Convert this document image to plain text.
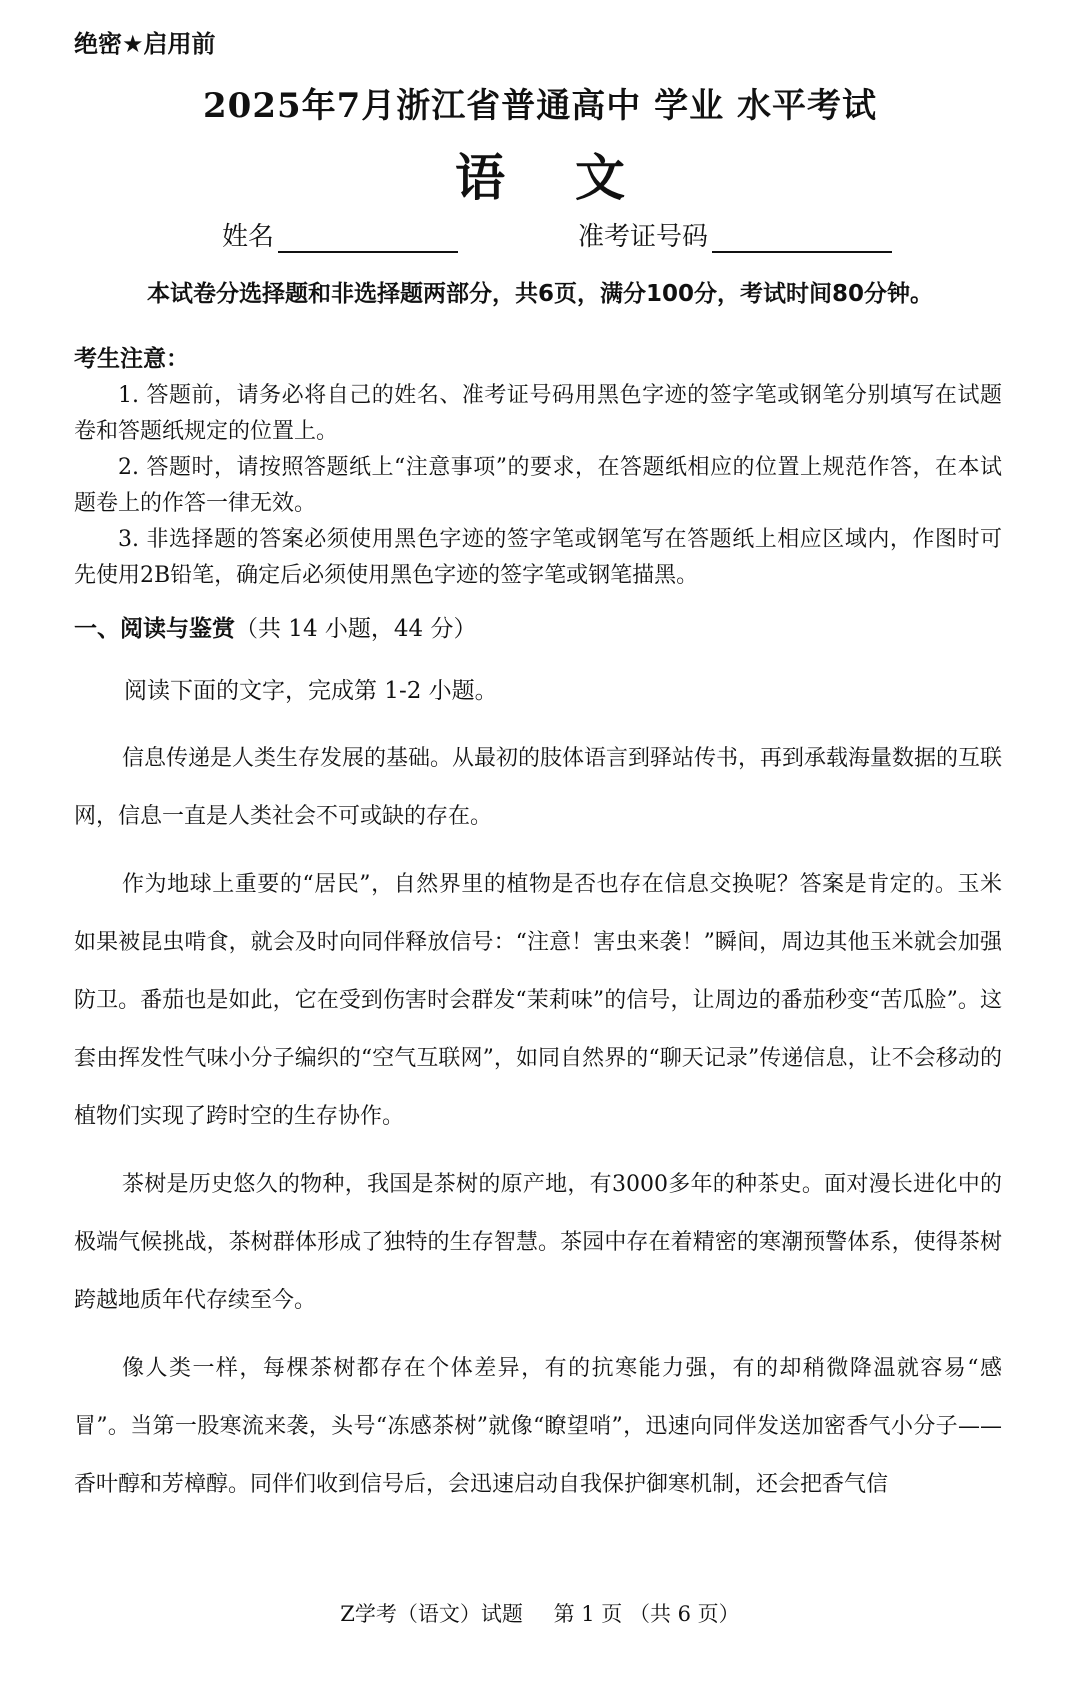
绝密★启用前
2025年7月浙江省普通高中 学业 水平考试
语文
姓名	准考证号码
本试卷分选择题和非选择题两部分，共6页，满分100分，考试时间80分钟。
考生注意：

1. 答题前，请务必将自己的姓名、准考证号码用黑色字迹的签字笔或钢笔分别填写在试题卷和答题纸规定的位置上。

2. 答题时，请按照答题纸上“注意事项”的要求，在答题纸相应的位置上规范作答，在本试题卷上的作答一律无效。

3. 非选择题的答案必须使用黑色字迹的签字笔或钢笔写在答题纸上相应区域内，作图时可先使用2B铅笔，确定后必须使用黑色字迹的签字笔或钢笔描黑。

一、阅读与鉴赏（共 14 小题，44 分）
阅读下面的文字，完成第 1-2 小题。

信息传递是人类生存发展的基础。从最初的肢体语言到驿站传书，再到承载海量数据的互联网，信息一直是人类社会不可或缺的存在。

作为地球上重要的“居民”，自然界里的植物是否也存在信息交换呢？答案是肯定的。玉米如果被昆虫啃食，就会及时向同伴释放信号：“注意！害虫来袭！”瞬间，周边其他玉米就会加强防卫。番茄也是如此，它在受到伤害时会群发“茉莉味”的信号，让周边的番茄秒变“苦瓜脸”。这套由挥发性气味小分子编织的“空气互联网”，如同自然界的“聊天记录”传递信息，让不会移动的植物们实现了跨时空的生存协作。

茶树是历史悠久的物种，我国是茶树的原产地，有3000多年的种茶史。面对漫长进化中的极端气候挑战，茶树群体形成了独特的生存智慧。茶园中存在着精密的寒潮预警体系，使得茶树跨越地质年代存续至今。

像人类一样，每棵茶树都存在个体差异，有的抗寒能力强，有的却稍微降温就容易“感冒”。当第一股寒流来袭，头号“冻感茶树”就像“瞭望哨”，迅速向同伴发送加密香气小分子——香叶醇和芳樟醇。同伴们收到信号后，会迅速启动自我保护御寒机制，还会把香气信

Z学考（语文）试题 第 1 页 （共 6 页）
